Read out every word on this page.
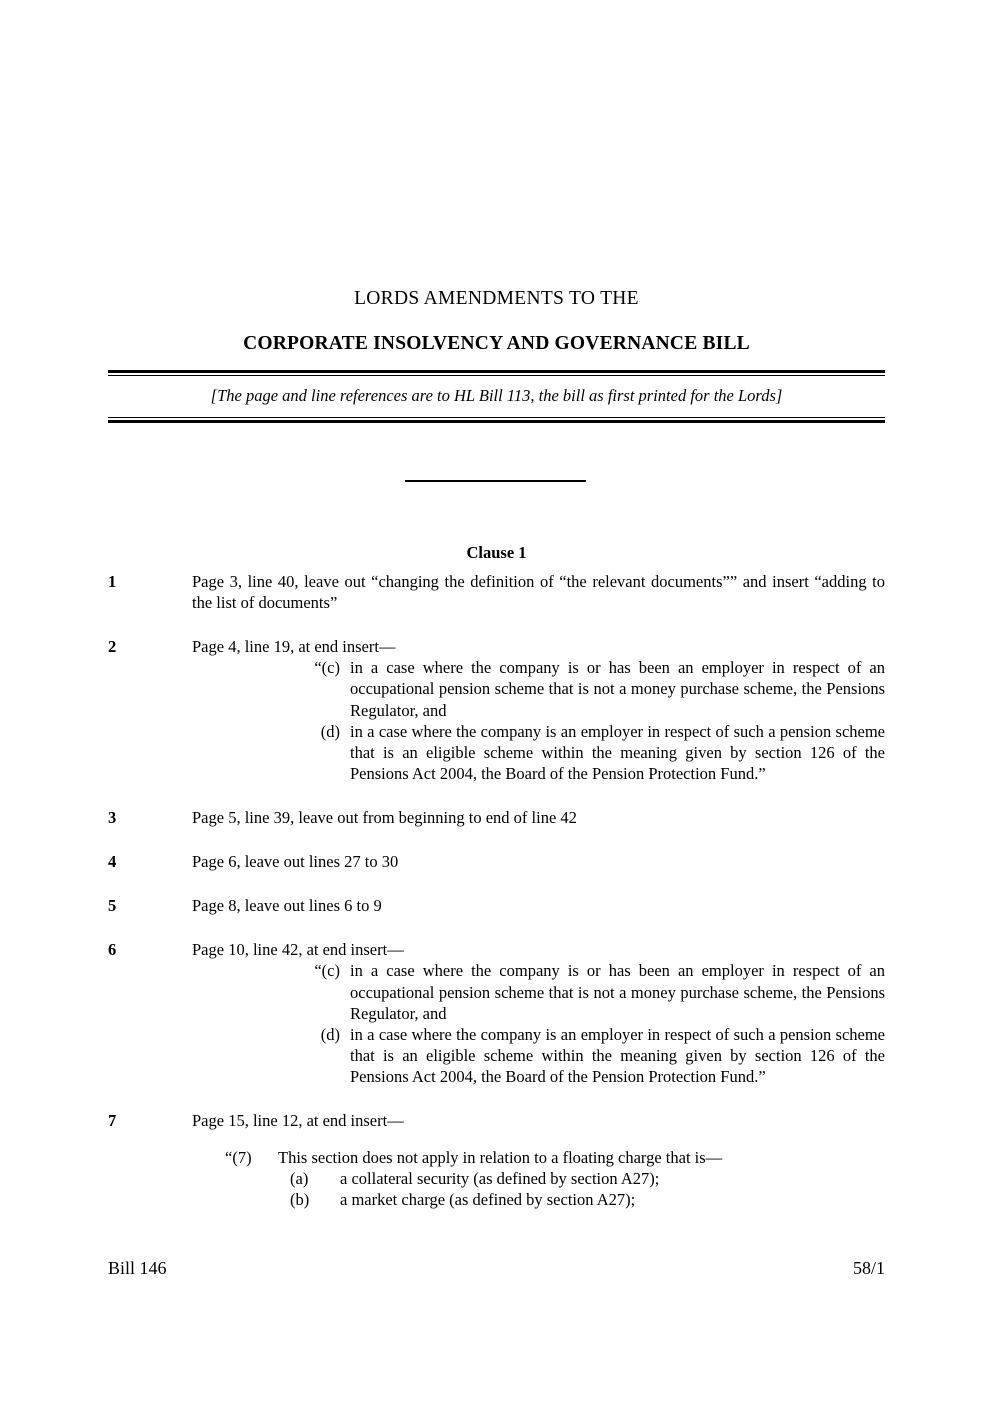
LORDS AMENDMENTS TO THE
CORPORATE INSOLVENCY AND GOVERNANCE BILL
[The page and line references are to HL Bill 113, the bill as first printed for the Lords]
Clause 1
1	Page 3, line 40, leave out “changing the definition of “the relevant documents”” and insert “adding to the list of documents”
2	Page 4, line 19, at end insert—
“(c) in a case where the company is or has been an employer in respect of an occupational pension scheme that is not a money purchase scheme, the Pensions Regulator, and
(d) in a case where the company is an employer in respect of such a pension scheme that is an eligible scheme within the meaning given by section 126 of the Pensions Act 2004, the Board of the Pension Protection Fund.”
3	Page 5, line 39, leave out from beginning to end of line 42
4	Page 6, leave out lines 27 to 30
5	Page 8, leave out lines 6 to 9
6	Page 10, line 42, at end insert—
“(c) in a case where the company is or has been an employer in respect of an occupational pension scheme that is not a money purchase scheme, the Pensions Regulator, and
(d) in a case where the company is an employer in respect of such a pension scheme that is an eligible scheme within the meaning given by section 126 of the Pensions Act 2004, the Board of the Pension Protection Fund.”
7	Page 15, line 12, at end insert—
“(7)	This section does not apply in relation to a floating charge that is—
(a)	a collateral security (as defined by section A27);
(b)	a market charge (as defined by section A27);
Bill 146	58/1
